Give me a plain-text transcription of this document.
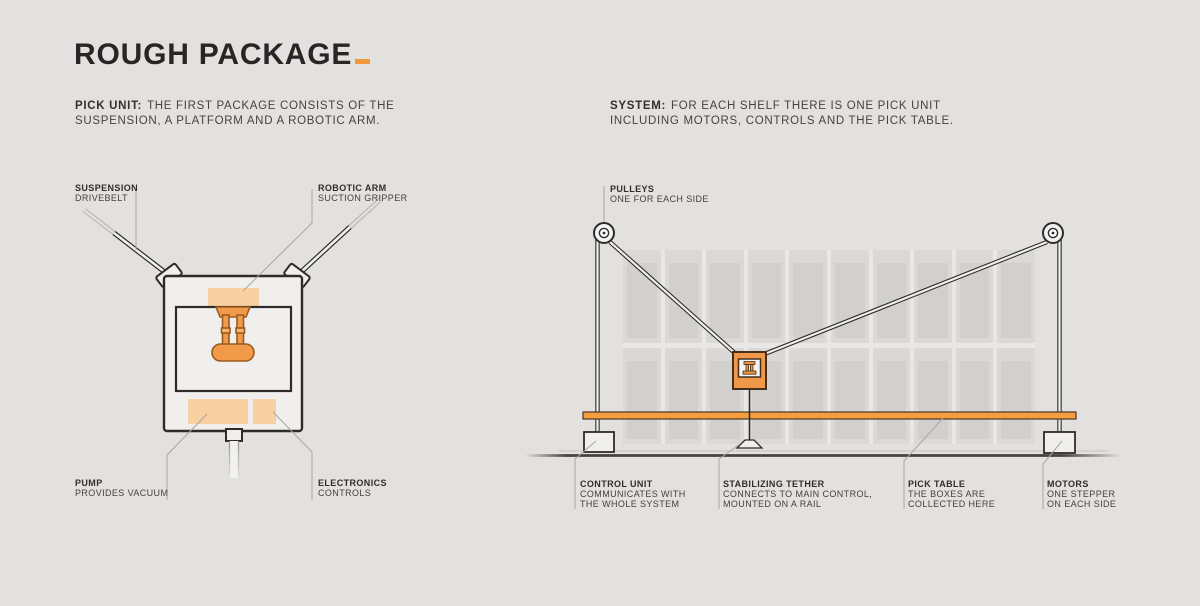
ROUGH PACKAGE
PICK UNIT: THE FIRST PACKAGE CONSISTS OF THE
SUSPENSION, A PLATFORM AND A ROBOTIC ARM.
SYSTEM: FOR EACH SHELF THERE IS ONE PICK UNIT
INCLUDING MOTORS, CONTROLS AND THE PICK TABLE.
SUSPENSION
DRIVEBELT
ROBOTIC ARM
SUCTION GRIPPER
PUMP
PROVIDES VACUUM
ELECTRONICS
CONTROLS
PULLEYS
ONE FOR EACH SIDE
CONTROL UNIT
COMMUNICATES WITH
THE WHOLE SYSTEM
STABILIZING TETHER
CONNECTS TO MAIN CONTROL,
MOUNTED ON A RAIL
PICK TABLE
THE BOXES ARE
COLLECTED HERE
MOTORS
ONE STEPPER
ON EACH SIDE
